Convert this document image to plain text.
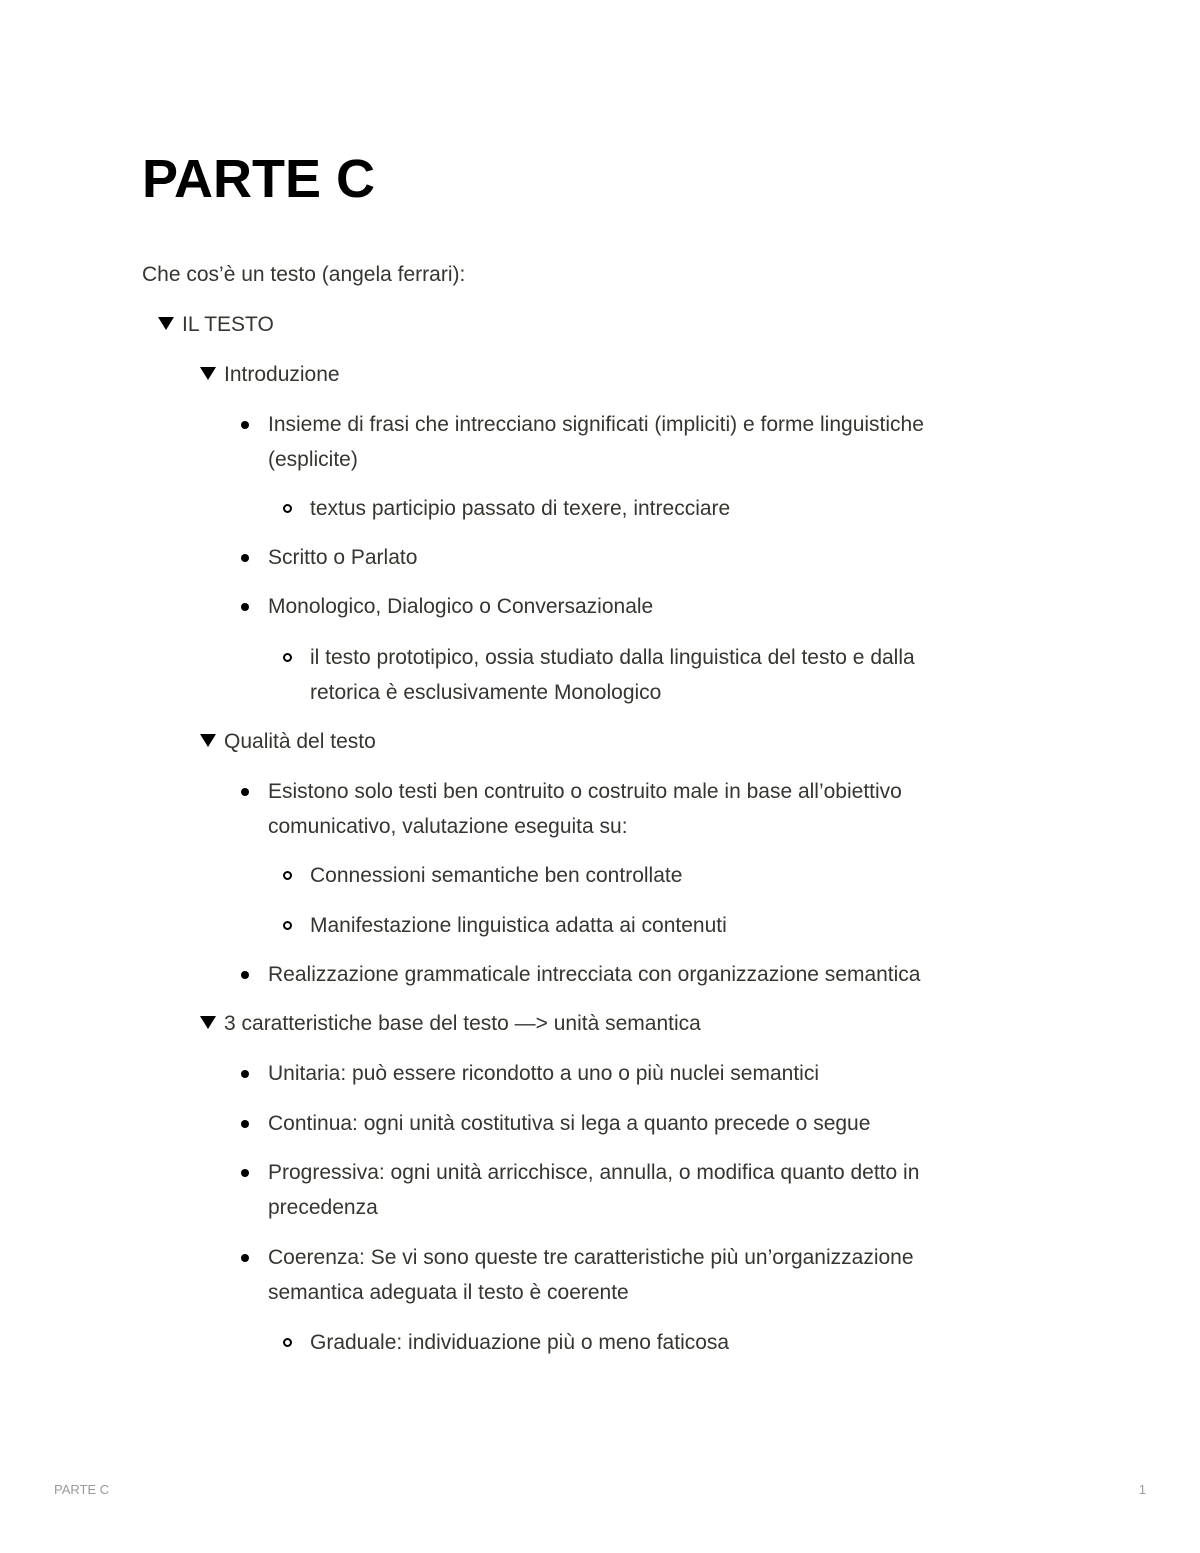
PARTE C
Che cos’è un testo (angela ferrari):
IL TESTO
Introduzione
Insieme di frasi che intrecciano significati (impliciti) e forme linguistiche
(esplicite)
textus participio passato di texere, intrecciare
Scritto o Parlato
Monologico, Dialogico o Conversazionale
il testo prototipico, ossia studiato dalla linguistica del testo e dalla
retorica è esclusivamente Monologico
Qualità del testo
Esistono solo testi ben contruito o costruito male in base all’obiettivo
comunicativo, valutazione eseguita su:
Connessioni semantiche ben controllate
Manifestazione linguistica adatta ai contenuti
Realizzazione grammaticale intrecciata con organizzazione semantica
3 caratteristiche base del testo —> unità semantica
Unitaria: può essere ricondotto a uno o più nuclei semantici
Continua: ogni unità costitutiva si lega a quanto precede o segue
Progressiva: ogni unità arricchisce, annulla, o modifica quanto detto in
precedenza
Coerenza: Se vi sono queste tre caratteristiche più un’organizzazione
semantica adeguata il testo è coerente
Graduale: individuazione più o meno faticosa
PARTE C	1
